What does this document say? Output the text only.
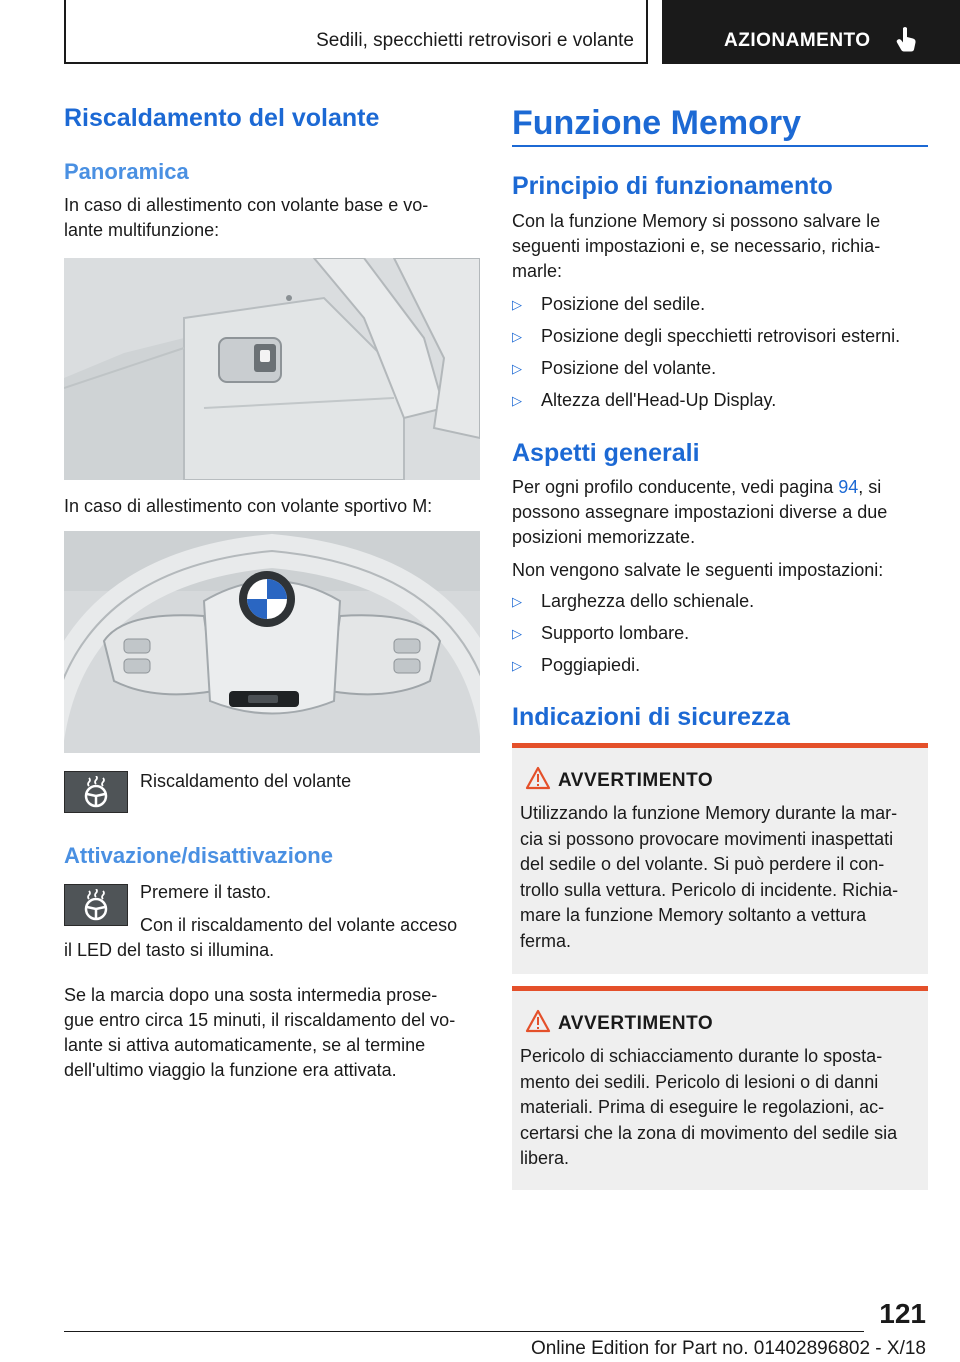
Sedili, specchietti retrovisori e volante	AZIONAMENTO
Riscaldamento del volante
Panoramica
In caso di allestimento con volante base e vo-
lante multifunzione:
In caso di allestimento con volante sportivo M:
Riscaldamento del volante
Attivazione/disattivazione
Premere il tasto.
Con il riscaldamento del volante acceso
il LED del tasto si illumina.
Se la marcia dopo una sosta intermedia prose-
gue entro circa 15 minuti, il riscaldamento del vo-
lante si attiva automaticamente, se al termine
dell'ultimo viaggio la funzione era attivata.
Funzione Memory
Principio di funzionamento
Con la funzione Memory si possono salvare le
seguenti impostazioni e, se necessario, richia-
marle:
▷ Posizione del sedile.
▷ Posizione degli specchietti retrovisori esterni.
▷ Posizione del volante.
▷ Altezza dell'Head-Up Display.
Aspetti generali
Per ogni profilo conducente, vedi pagina 94, si
possono assegnare impostazioni diverse a due
posizioni memorizzate.
Non vengono salvate le seguenti impostazioni:
▷ Larghezza dello schienale.
▷ Supporto lombare.
▷ Poggiapiedi.
Indicazioni di sicurezza
AVVERTIMENTO
Utilizzando la funzione Memory durante la mar-
cia si possono provocare movimenti inaspettati
del sedile o del volante. Si può perdere il con-
trollo sulla vettura. Pericolo di incidente. Richia-
mare la funzione Memory soltanto a vettura
ferma.
AVVERTIMENTO
Pericolo di schiacciamento durante lo sposta-
mento dei sedili. Pericolo di lesioni o di danni
materiali. Prima di eseguire le regolazioni, ac-
certarsi che la zona di movimento del sedile sia
libera.
121
Online Edition for Part no. 01402896802 - X/18
